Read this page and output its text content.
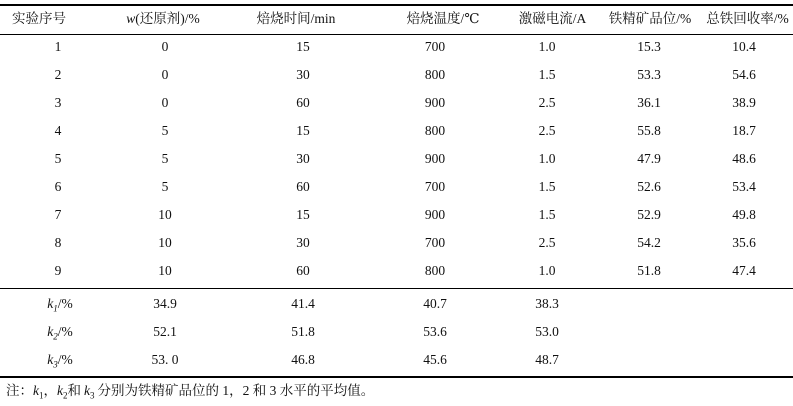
实验序号	w(还原剂)/%	焙烧时间/min	焙烧温度/℃	激磁电流/A	铁精矿品位/%	总铁回收率/%
1	0	15	700	1.0	15.3	10.4
2	0	30	800	1.5	53.3	54.6
3	0	60	900	2.5	36.1	38.9
4	5	15	800	2.5	55.8	18.7
5	5	30	900	1.0	47.9	48.6
6	5	60	700	1.5	52.6	53.4
7	10	15	900	1.5	52.9	49.8
8	10	30	700	2.5	54.2	35.6
9	10	60	800	1.0	51.8	47.4
$k_1/\%$	34.9	41.4	40.7	38.3
$k_2/\%$	52.1	51.8	53.6	53.0
$k_3/\%$	53. 0	46.8	45.6	48.7
注：$k_1$，$k_2$和 $k_3$ 分别为铁精矿品位的 1，2 和 3 水平的平均值。
